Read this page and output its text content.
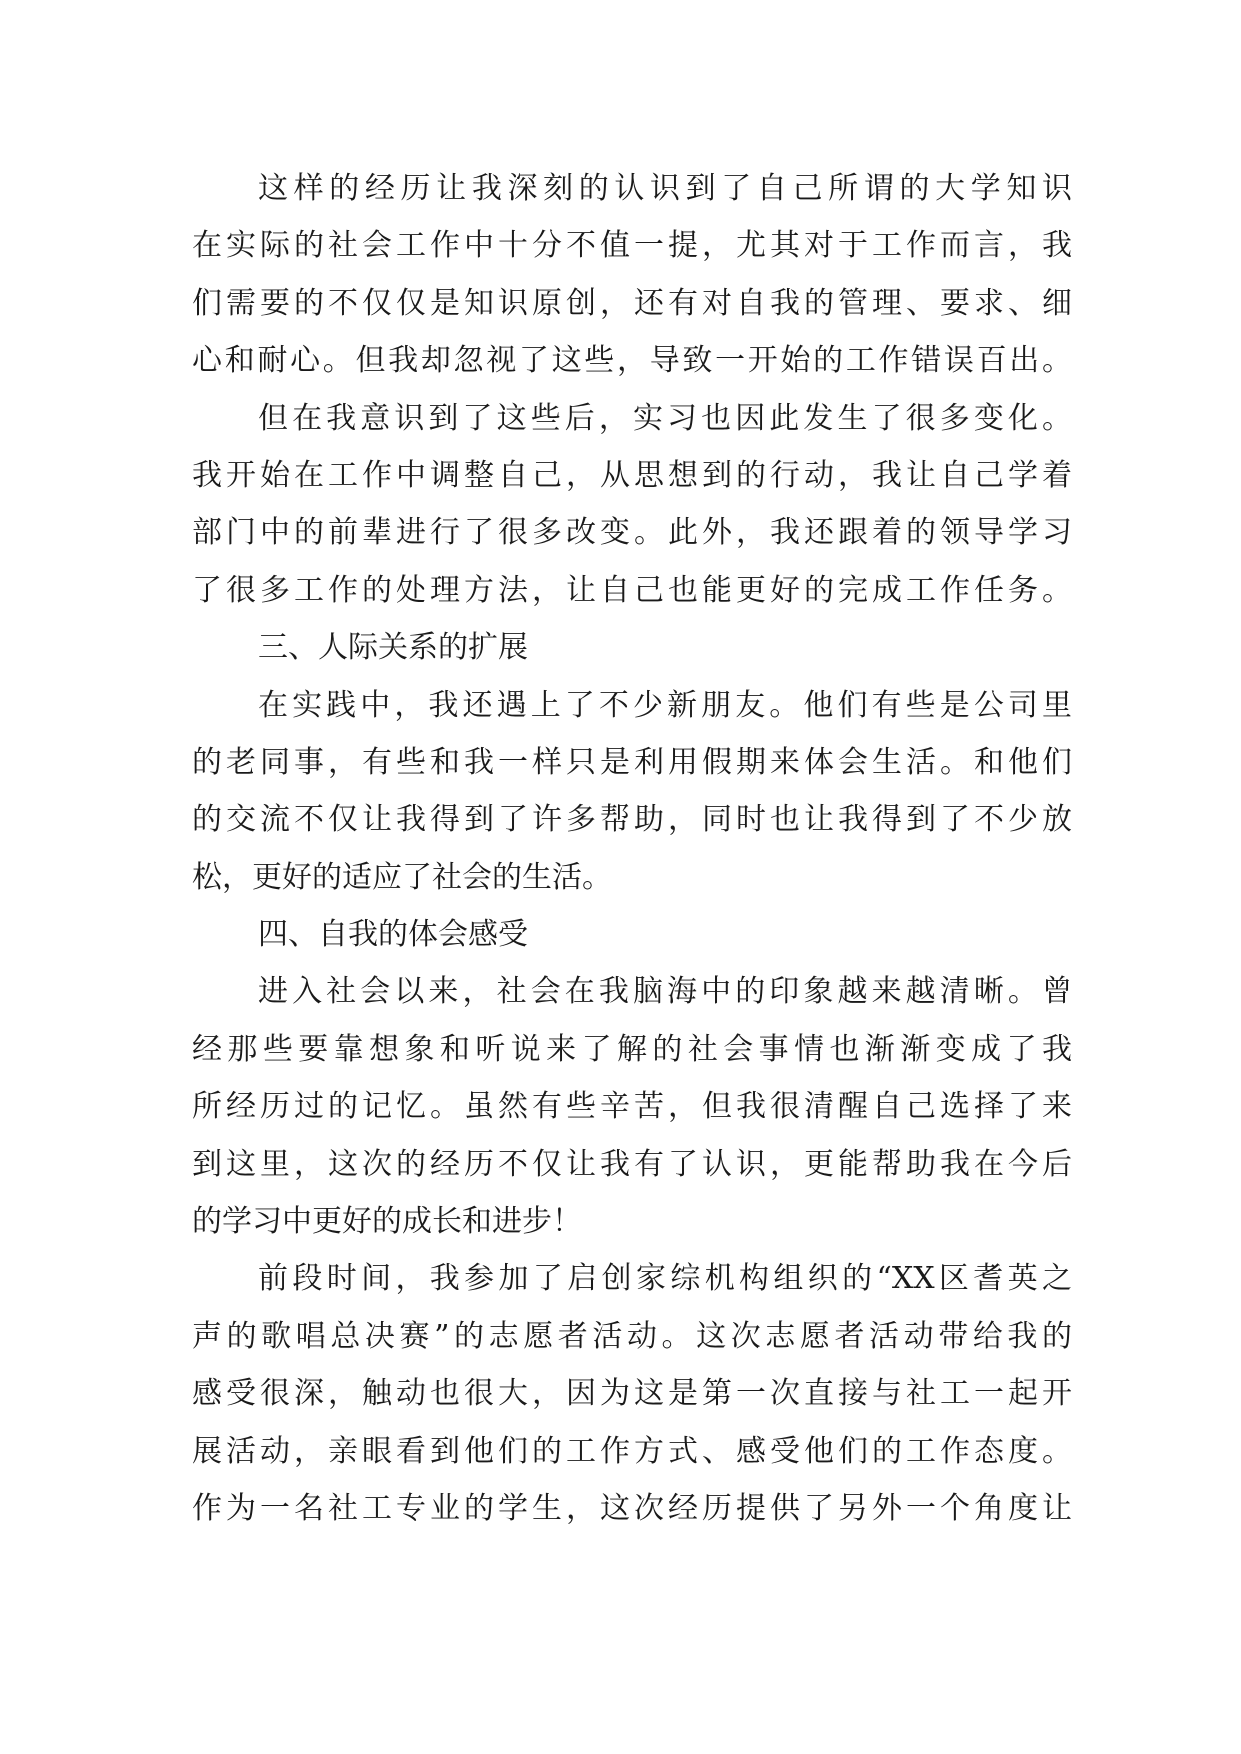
这样的经历让我深刻的认识到了自己所谓的大学知识
在实际的社会工作中十分不值一提，尤其对于工作而言，我
们需要的不仅仅是知识原创，还有对自我的管理、要求、细
心和耐心。但我却忽视了这些，导致一开始的工作错误百出。
但在我意识到了这些后，实习也因此发生了很多变化。
我开始在工作中调整自己，从思想到的行动，我让自己学着
部门中的前辈进行了很多改变。此外，我还跟着的领导学习
了很多工作的处理方法，让自己也能更好的完成工作任务。
三、人际关系的扩展
在实践中，我还遇上了不少新朋友。他们有些是公司里
的老同事，有些和我一样只是利用假期来体会生活。和他们
的交流不仅让我得到了许多帮助，同时也让我得到了不少放
松，更好的适应了社会的生活。
四、自我的体会感受
进入社会以来，社会在我脑海中的印象越来越清晰。曾
经那些要靠想象和听说来了解的社会事情也渐渐变成了我
所经历过的记忆。虽然有些辛苦，但我很清醒自己选择了来
到这里，这次的经历不仅让我有了认识，更能帮助我在今后
的学习中更好的成长和进步！
前段时间，我参加了启创家综机构组织的“XX区耆英之
声的歌唱总决赛”的志愿者活动。这次志愿者活动带给我的
感受很深，触动也很大，因为这是第一次直接与社工一起开
展活动，亲眼看到他们的工作方式、感受他们的工作态度。
作为一名社工专业的学生，这次经历提供了另外一个角度让
